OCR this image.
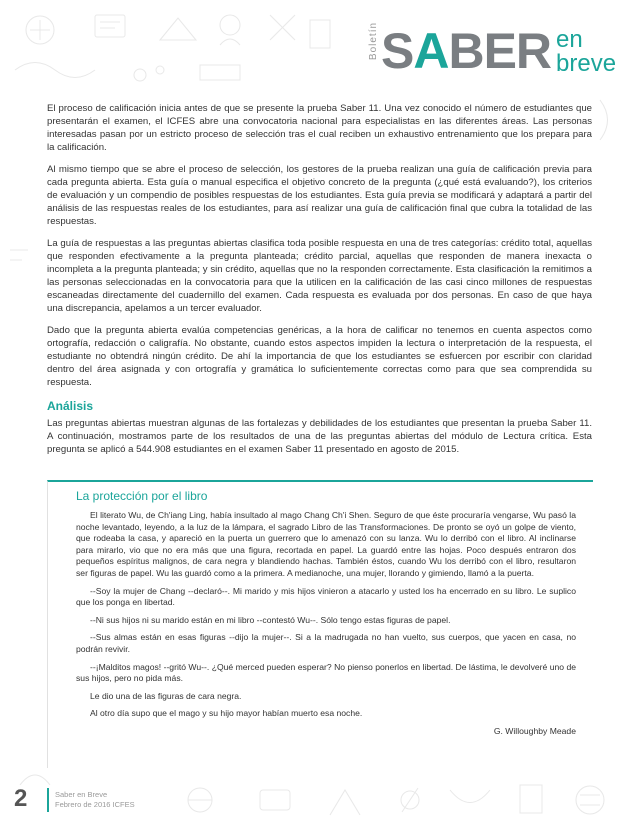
Boletín SABER en
breve

El proceso de calificación inicia antes de que se presente la prueba Saber 11. Una vez conocido el número de estudiantes que presentarán el examen, el ICFES abre una convocatoria nacional para especialistas en las diferentes áreas. Las personas interesadas pasan por un estricto proceso de selección tras el cual reciben un exhaustivo entrenamiento que los prepara para la calificación.

Al mismo tiempo que se abre el proceso de selección, los gestores de la prueba realizan una guía de calificación previa para cada pregunta abierta. Esta guía o manual especifica el objetivo concreto de la pregunta (¿qué está evaluando?), los criterios de evaluación y un compendio de posibles respuestas de los estudiantes. Esta guía previa se modificará y adaptará a partir del análisis de las respuestas reales de los estudiantes, para así realizar una guía de calificación final que cubra la totalidad de las respuestas.

La guía de respuestas a las preguntas abiertas clasifica toda posible respuesta en una de tres categorías: crédito total, aquellas que responden efectivamente a la pregunta planteada; crédito parcial, aquellas que responden de manera inexacta o incompleta a la pregunta planteada; y sin crédito, aquellas que no la responden correctamente. Esta clasificación la remitimos a las personas seleccionadas en la convocatoria para que la utilicen en la calificación de las casi cinco millones de respuestas escaneadas directamente del cuadernillo del examen. Cada respuesta es evaluada por dos personas. En caso de que haya una discrepancia, apelamos a un tercer evaluador.

Dado que la pregunta abierta evalúa competencias genéricas, a la hora de calificar no tenemos en cuenta aspectos como ortografía, redacción o caligrafía. No obstante, cuando estos aspectos impiden la lectura o interpretación de la respuesta, el estudiante no obtendrá ningún crédito. De ahí la importancia de que los estudiantes se esfuercen por escribir con claridad dentro del área asignada y con ortografía y gramática lo suficientemente correctas como para que sea comprendida su respuesta.

Análisis
Las preguntas abiertas muestran algunas de las fortalezas y debilidades de los estudiantes que presentan la prueba Saber 11. A continuación, mostramos parte de los resultados de una de las preguntas abiertas del módulo de Lectura crítica. Esta pregunta se aplicó a 544.908 estudiantes en el examen Saber 11 presentado en agosto de 2015.
La protección por el libro

El literato Wu, de Ch'iang Ling, había insultado al mago Chang Ch'i Shen. Seguro de que éste procuraría vengarse, Wu pasó la noche levantado, leyendo, a la luz de la lámpara, el sagrado Libro de las Transformaciones. De pronto se oyó un golpe de viento, que rodeaba la casa, y apareció en la puerta un guerrero que lo amenazó con su lanza. Wu lo derribó con el libro. Al inclinarse para mirarlo, vio que no era más que una figura, recortada en papel. La guardó entre las hojas. Poco después entraron dos pequeños espíritus malignos, de cara negra y blandiendo hachas. También éstos, cuando Wu los derribó con el libro, resultaron ser figuras de papel. Wu las guardó como a la primera. A medianoche, una mujer, llorando y gimiendo, llamó a la puerta.

--Soy la mujer de Chang --declaró--. Mi marido y mis hijos vinieron a atacarlo y usted los ha encerrado en su libro. Le suplico que los ponga en libertad.

--Ni sus hijos ni su marido están en mi libro --contestó Wu--. Sólo tengo estas figuras de papel.

--Sus almas están en esas figuras --dijo la mujer--. Si a la madrugada no han vuelto, sus cuerpos, que yacen en casa, no podrán revivir.

--¡Malditos magos! --gritó Wu--. ¿Qué merced pueden esperar? No pienso ponerlos en libertad. De lástima, le devolveré uno de sus hijos, pero no pida más.

Le dio una de las figuras de cara negra.

Al otro día supo que el mago y su hijo mayor habían muerto esa noche.

G. Willoughby Meade

2	Saber en Breve
Febrero de 2016 ICFES
